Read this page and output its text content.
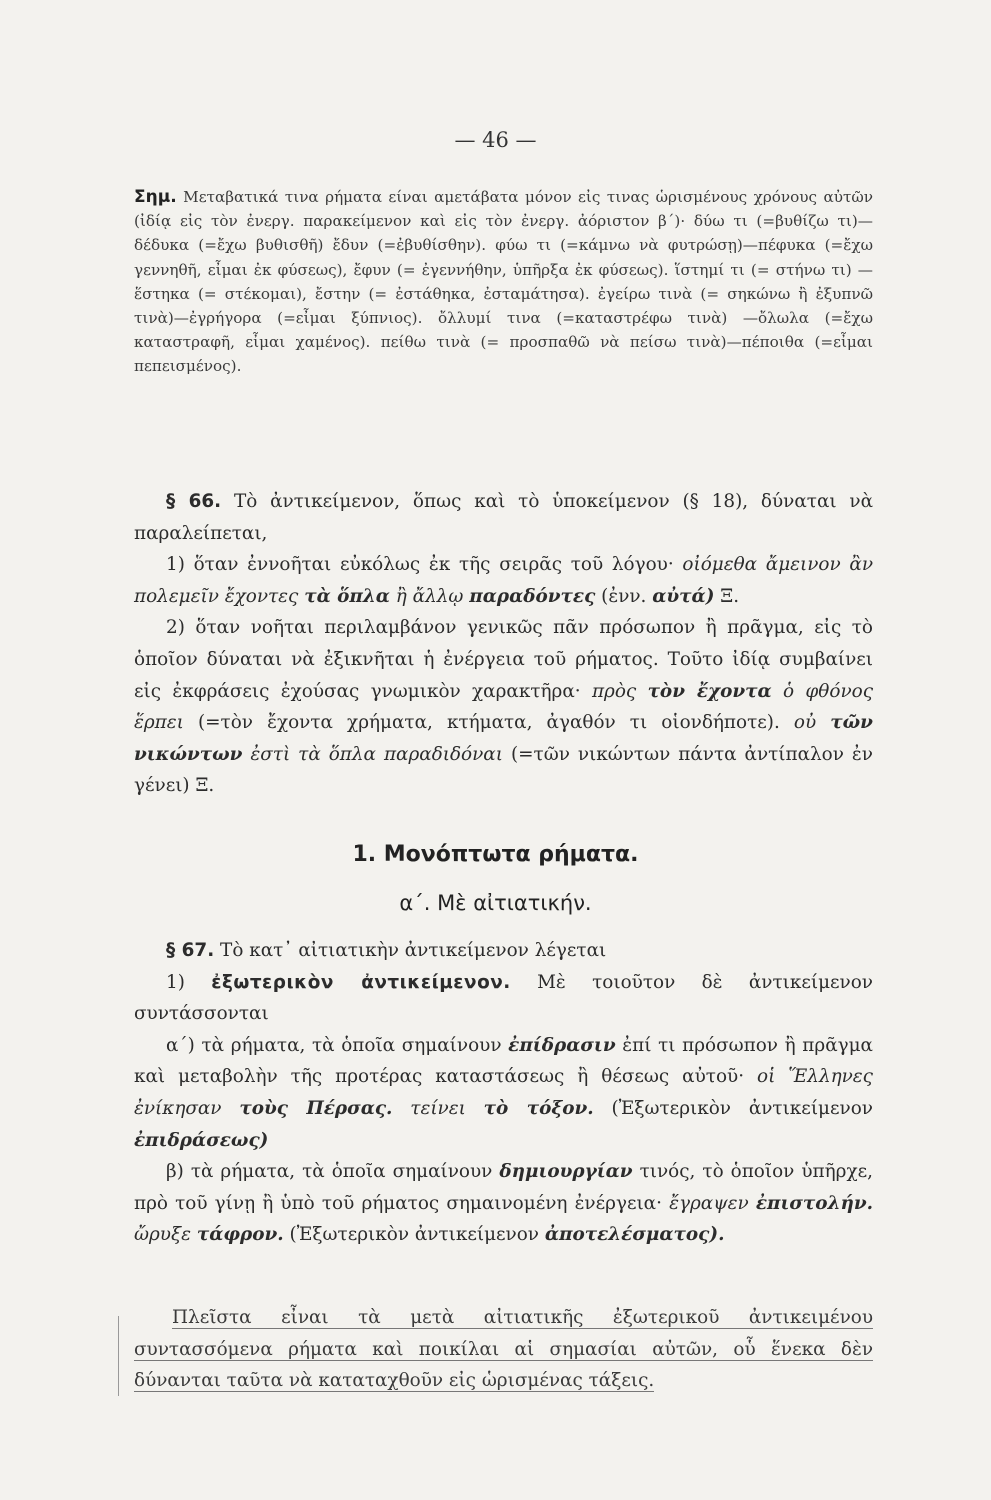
— 46 —

Σημ. Μεταβατικά τινα ρήματα είναι αμετάβατα μόνον εἰς τινας ὡρισμένους χρόνους αὐτῶν (ἰδίᾳ εἰς τὸν ἐνεργ. παρακείμενον καὶ εἰς τὸν ἐνεργ. ἀόριστον β΄)· δύω τι (=βυθίζω τι)—δέδυκα (=ἔχω βυθισθῆ) ἔδυν (=ἐβυθίσθην). φύω τι (=κάμνω νὰ φυτρώσῃ)—πέφυκα (=ἔχω γεννηθῆ, εἶμαι ἐκ φύσεως), ἔφυν (= ἐγεννήθην, ὑπῆρξα ἐκ φύσεως). ἵστημί τι (= στήνω τι) — ἕστηκα (= στέκομαι), ἔστην (= ἐστάθηκα, ἐσταμάτησα). ἐγείρω τινὰ (= σηκώνω ἢ ἐξυπνῶ τινὰ)—ἐγρήγορα (=εἶμαι ξύπνιος). ὄλλυμί τινα (=καταστρέφω τινὰ) —ὄλωλα (=ἔχω καταστραφῆ, εἶμαι χαμένος). πείθω τινὰ (= προσπαθῶ νὰ πείσω τινὰ)—πέποιθα (=εἶμαι πεπεισμένος).

§ 66. Τὸ ἀντικείμενον, ὅπως καὶ τὸ ὑποκείμενον (§ 18), δύναται νὰ παραλείπεται,

1) ὅταν ἐννοῆται εὐκόλως ἐκ τῆς σειρᾶς τοῦ λόγου· οἰόμεθα ἄμεινον ἂν πολεμεῖν ἔχοντες τὰ ὅπλα ἢ ἄλλῳ παραδόντες (ἐνν. αὐτά) Ξ.

2) ὅταν νοῆται περιλαμβάνον γενικῶς πᾶν πρόσωπον ἢ πρᾶγμα, εἰς τὸ ὁποῖον δύναται νὰ ἐξικνῆται ἡ ἐνέργεια τοῦ ρήματος. Τοῦτο ἰδίᾳ συμβαίνει εἰς ἐκφράσεις ἐχούσας γνωμικὸν χαρακτῆρα· πρὸς τὸν ἔχοντα ὁ φθόνος ἕρπει (=τὸν ἔχοντα χρήματα, κτήματα, ἀγαθόν τι οἱονδήποτε). οὐ τῶν νικώντων ἐστὶ τὰ ὅπλα παραδιδόναι (=τῶν νικώντων πάντα ἀντίπαλον ἐν γένει) Ξ.

1. Μονόπτωτα ρήματα.
α΄. Μὲ αἰτιατικήν.

§ 67. Τὸ κατ᾽ αἰτιατικὴν ἀντικείμενον λέγεται

1) ἐξωτερικὸν ἀντικείμενον. Μὲ τοιοῦτον δὲ ἀντικείμενον συντάσσονται

α΄) τὰ ρήματα, τὰ ὁποῖα σημαίνουν ἐπίδρασιν ἐπί τι πρόσωπον ἢ πρᾶγμα καὶ μεταβολὴν τῆς προτέρας καταστάσεως ἢ θέσεως αὐτοῦ· οἱ Ἕλληνες ἐνίκησαν τοὺς Πέρσας. τείνει τὸ τόξον. (Ἐξωτερικὸν ἀντικείμενον ἐπιδράσεως)

β) τὰ ρήματα, τὰ ὁποῖα σημαίνουν δημιουργίαν τινός, τὸ ὁποῖον ὑπῆρχε, πρὸ τοῦ γίνῃ ἢ ὑπὸ τοῦ ρήματος σημαινομένη ἐνέργεια· ἔγραψεν ἐπιστολήν. ὤρυξε τάφρον. (Ἐξωτερικὸν ἀντικείμενον ἀποτελέσματος).

Πλεῖστα εἶναι τὰ μετὰ αἰτιατικῆς ἐξωτερικοῦ ἀντικειμένου συντασσόμενα ρήματα καὶ ποικίλαι αἱ σημασίαι αὐτῶν, οὗ ἕνεκα δὲν δύνανται ταῦτα νὰ καταταχθοῦν εἰς ὡρισμένας τάξεις.
